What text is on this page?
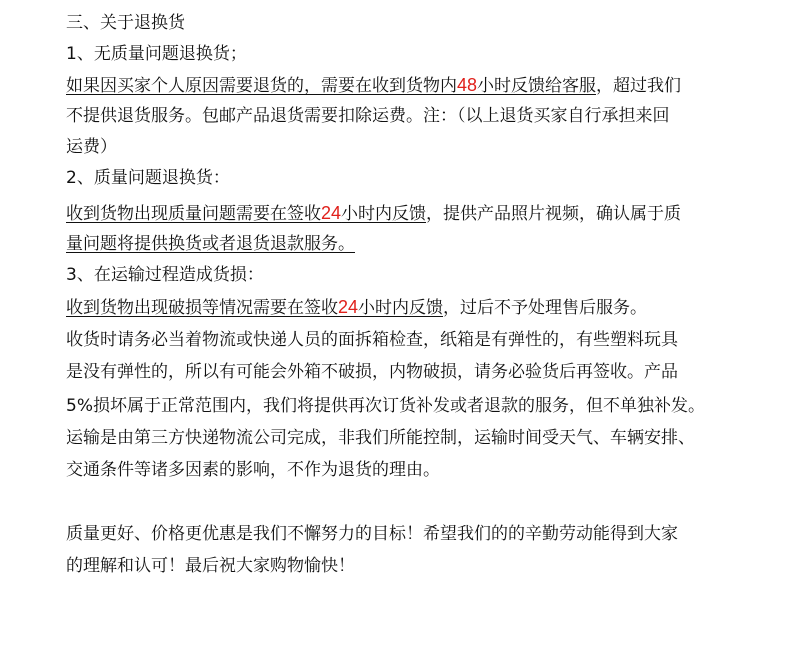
三、关于退换货
1、无质量问题退换货；
如果因买家个人原因需要退货的，需要在收到货物内48小时反馈给客服，超过我们
不提供退货服务。包邮产品退货需要扣除运费。注：（以上退货买家自行承担来回
运费）
2、质量问题退换货：
收到货物出现质量问题需要在签收24小时内反馈，提供产品照片视频，确认属于质
量问题将提供换货或者退货退款服务。
3、在运输过程造成货损：
收到货物出现破损等情况需要在签收24小时内反馈，过后不予处理售后服务。
收货时请务必当着物流或快递人员的面拆箱检查，纸箱是有弹性的，有些塑料玩具
是没有弹性的，所以有可能会外箱不破损，内物破损，请务必验货后再签收。产品
5%损坏属于正常范围内，我们将提供再次订货补发或者退款的服务，但不单独补发。
运输是由第三方快递物流公司完成，非我们所能控制，运输时间受天气、车辆安排、
交通条件等诸多因素的影响，不作为退货的理由。
质量更好、价格更优惠是我们不懈努力的目标！希望我们的的辛勤劳动能得到大家
的理解和认可！最后祝大家购物愉快！
